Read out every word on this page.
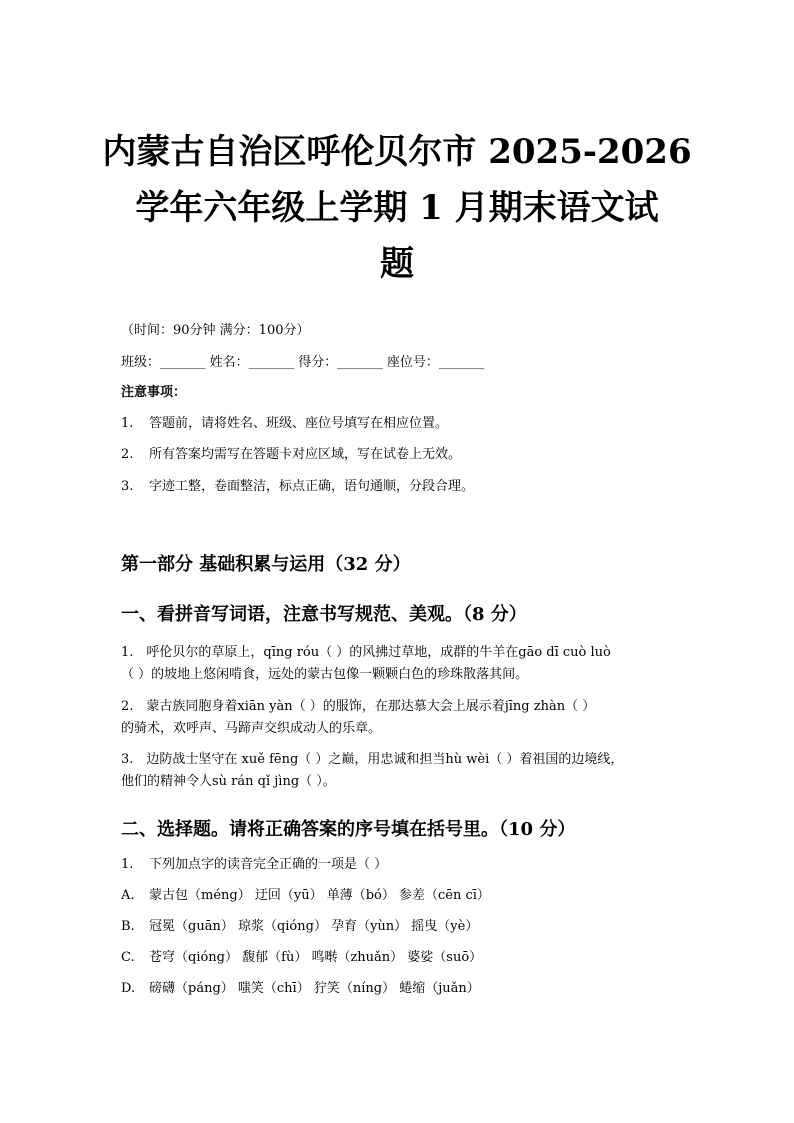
内蒙古自治区呼伦贝尔市 2025-2026
学年六年级上学期 1 月期末语文试
题
（时间：90分钟 满分：100分）
班级：_______ 姓名：_______ 得分：_______ 座位号：_______
注意事项：
1. 答题前，请将姓名、班级、座位号填写在相应位置。
2. 所有答案均需写在答题卡对应区域，写在试卷上无效。
3. 字迹工整，卷面整洁，标点正确，语句通顺，分段合理。
第一部分 基础积累与运用（32 分）
一、看拼音写词语，注意书写规范、美观。（8 分）
1.　呼伦贝尔的草原上，qīng róu（ ）的风拂过草地，成群的牛羊在gāo dī cuò luò
（ ）的坡地上悠闲啃食，远处的蒙古包像一颗颗白色的珍珠散落其间。
2.　蒙古族同胞身着xiān yàn（ ）的服饰，在那达慕大会上展示着jīng zhàn（ ）
的骑术，欢呼声、马蹄声交织成动人的乐章。
3.　边防战士坚守在 xuě fēng（ ）之巅，用忠诚和担当hù wèi（ ）着祖国的边境线，
他们的精神令人sù rán qǐ jìng（ ）。
二、选择题。请将正确答案的序号填在括号里。（10 分）
1. 下列加点字的读音完全正确的一项是（ ）
A. 蒙古包（méng） 迂回（yū） 单薄（bó） 参差（cēn cī）
B. 冠冕（guān） 琼浆（qióng） 孕育（yùn） 摇曳（yè）
C. 苍穹（qióng） 馥郁（fù） 鸣啭（zhuǎn） 婆娑（suō）
D. 磅礴（páng） 嗤笑（chī） 狞笑（níng） 蜷缩（juǎn）
